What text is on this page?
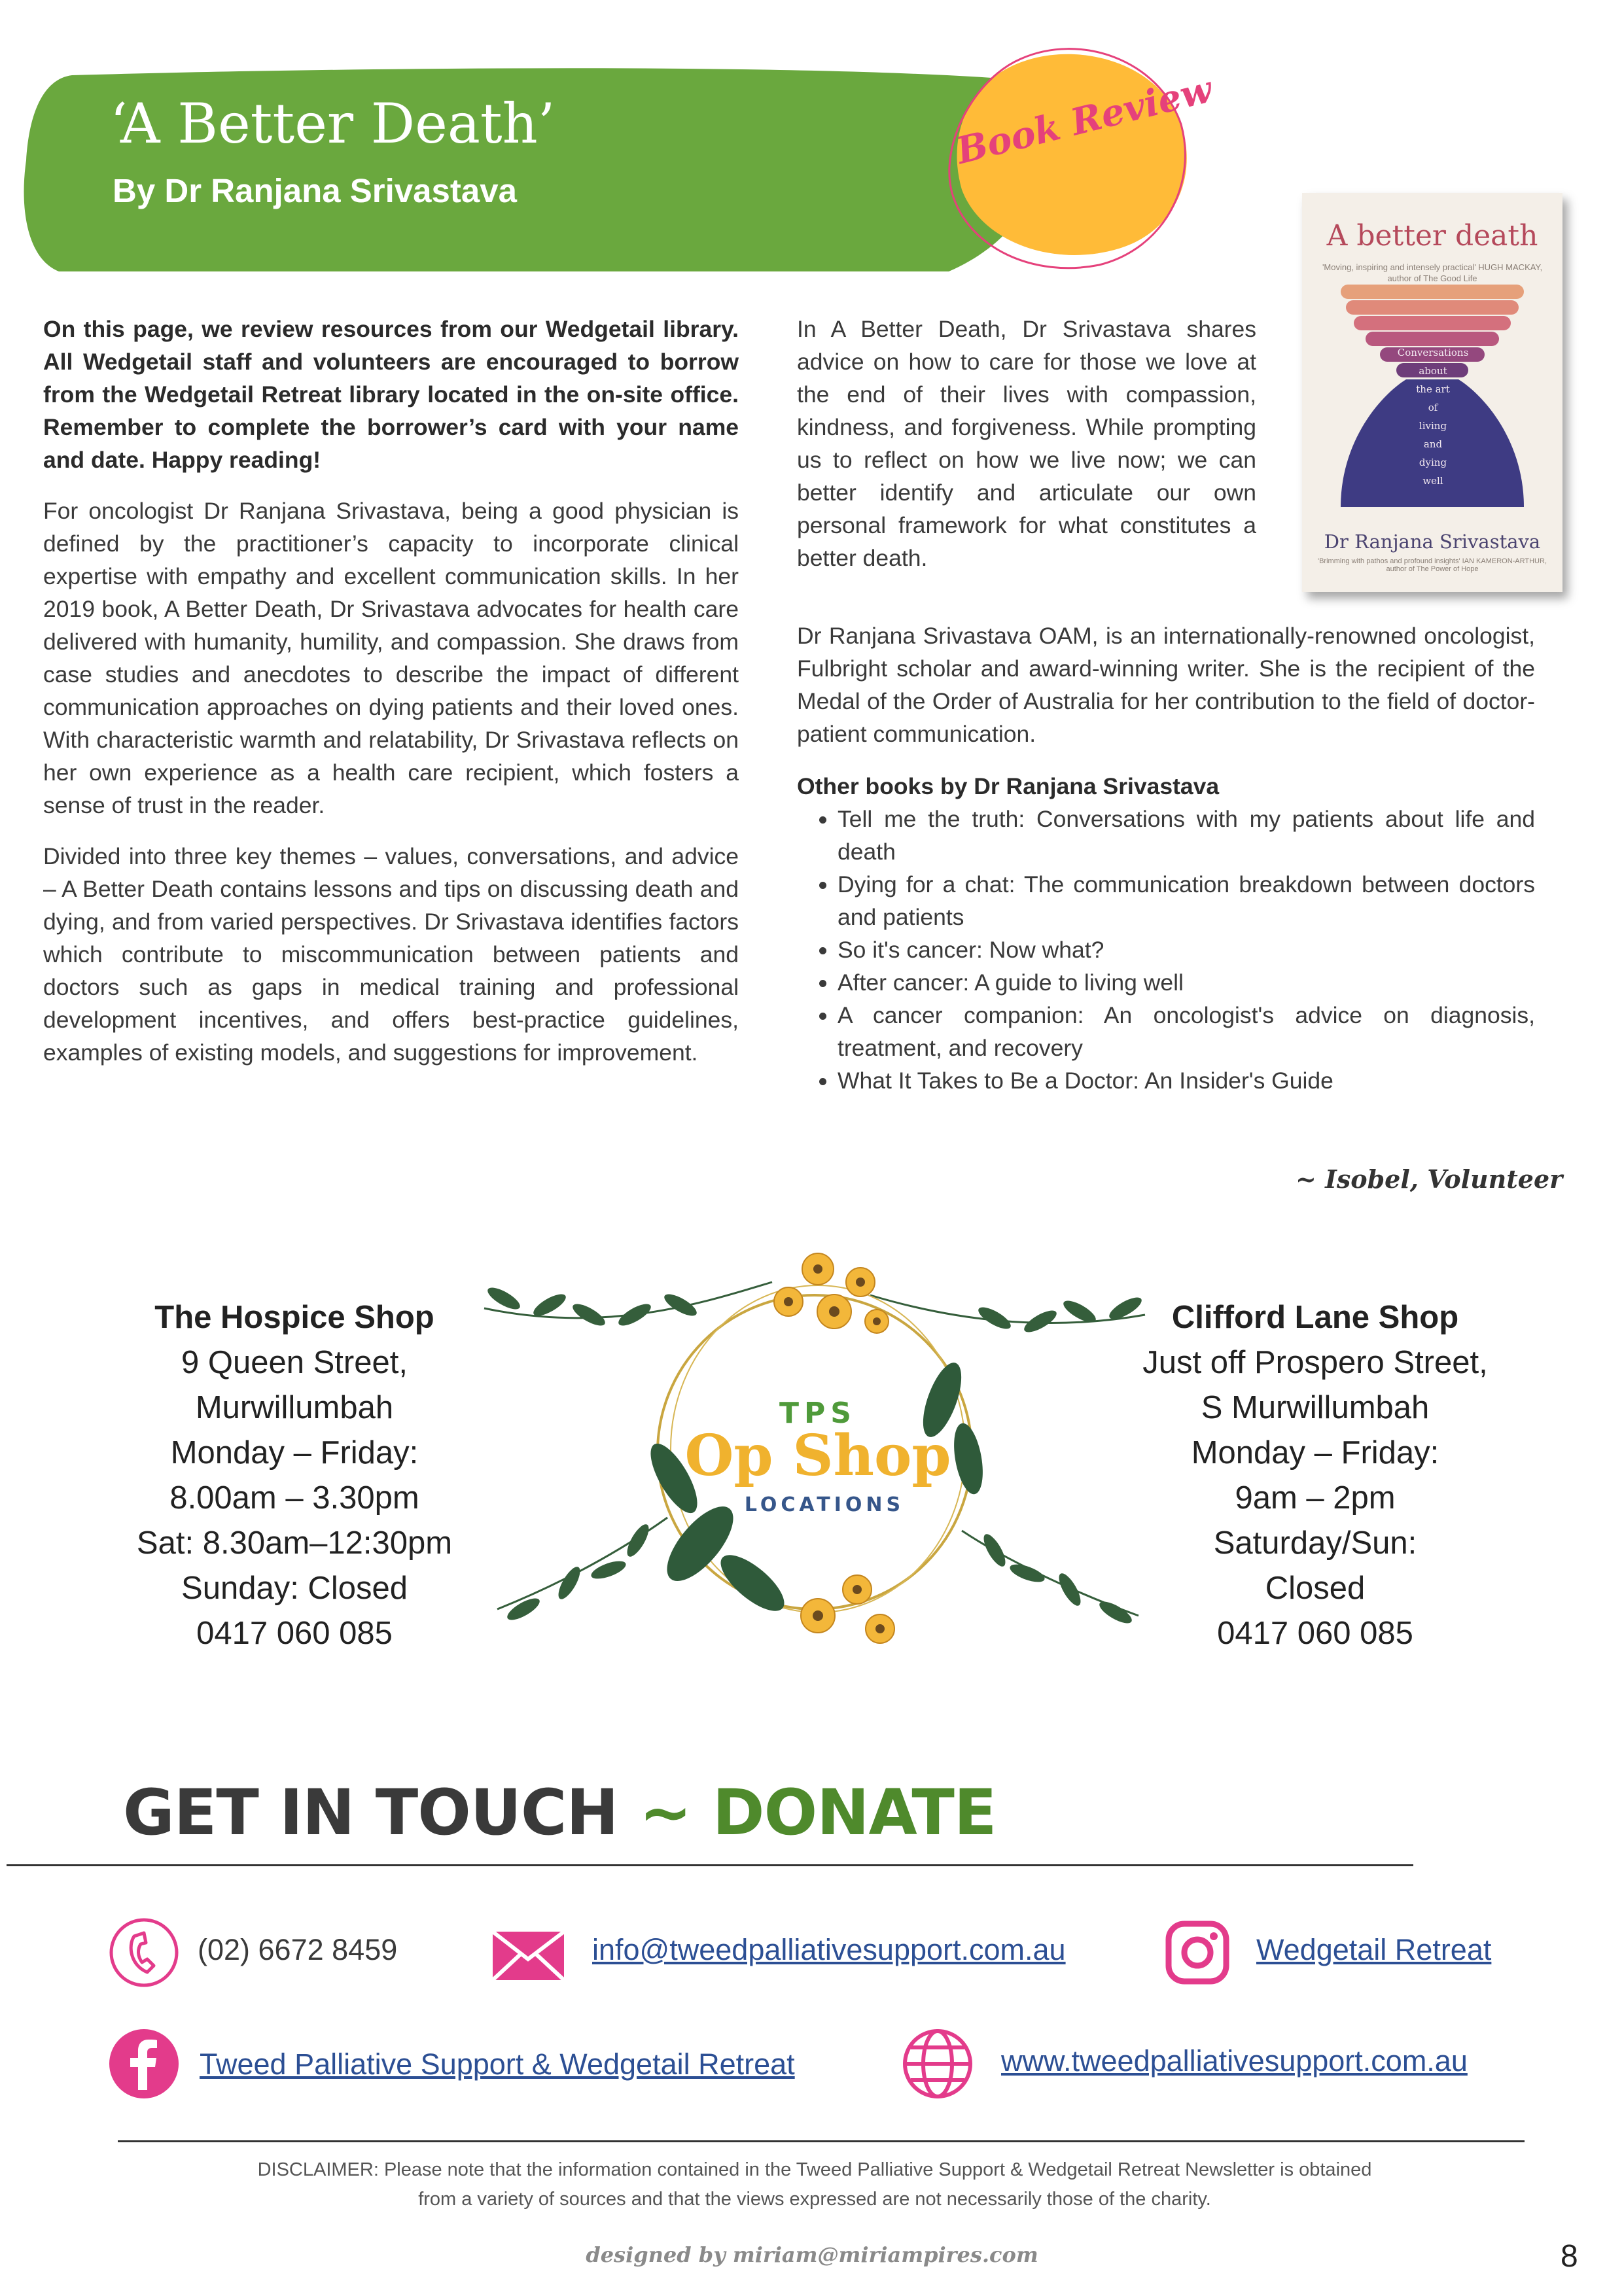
‘A Better Death’
By Dr Ranjana Srivastava
Book Review
A better death
'Moving, inspiring and intensely practical' HUGH MACKAY, author of The Good Life
Conversations
about
the art
of
living
and
dying
well
Dr Ranjana Srivastava
'Brimming with pathos and profound insights' IAN KAMERON-ARTHUR, author of The Power of Hope

On this page, we review resources from our Wedgetail library. All Wedgetail staff and volunteers are encouraged to borrow from the Wedgetail Retreat library located in the on-site office. Remember to complete the borrower’s card with your name and date. Happy reading!

For oncologist Dr Ranjana Srivastava, being a good physician is defined by the practitioner’s capacity to incorporate clinical expertise with empathy and excellent communication skills. In her 2019 book, A Better Death, Dr Srivastava advocates for health care delivered with humanity, humility, and compassion. She draws from case studies and anecdotes to describe the impact of different communication approaches on dying patients and their loved ones. With characteristic warmth and relatability, Dr Srivastava reflects on her own experience as a health care recipient, which fosters a sense of trust in the reader.

Divided into three key themes – values, conversations, and advice – A Better Death contains lessons and tips on discussing death and dying, and from varied perspectives. Dr Srivastava identifies factors which contribute to miscommunication between patients and doctors such as gaps in medical training and professional development incentives, and offers best-practice guidelines, examples of existing models, and suggestions for improvement.

In A Better Death, Dr Srivastava shares advice on how to care for those we love at the end of their lives with compassion, kindness, and forgiveness. While prompting us to reflect on how we live now; we can better identify and articulate our own personal framework for what constitutes a better death.

Dr Ranjana Srivastava OAM, is an internationally-renowned oncologist, Fulbright scholar and award-winning writer. She is the recipient of the Medal of the Order of Australia for her contribution to the field of doctor-patient communication.

Other books by Dr Ranjana Srivastava

• Tell me the truth: Conversations with my patients about life and death
• Dying for a chat: The communication breakdown between doctors and patients
• So it's cancer: Now what?
• After cancer: A guide to living well
• A cancer companion: An oncologist's advice on diagnosis, treatment, and recovery
• What It Takes to Be a Doctor: An Insider's Guide
~ Isobel, Volunteer
The Hospice Shop
9 Queen Street,
Murwillumbah
Monday – Friday:
8.00am – 3.30pm
Sat: 8.30am–12:30pm
Sunday: Closed
0417 060 085
Clifford Lane Shop
Just off Prospero Street,
S Murwillumbah
Monday – Friday:
9am – 2pm
Saturday/Sun:
Closed
0417 060 085
TPS
Op Shop
LOCATIONS
GET IN TOUCH ~ DONATE
(02) 6672 8459	info@tweedpalliativesupport.com.au	Wedgetail Retreat
Tweed Palliative Support & Wedgetail Retreat	www.tweedpalliativesupport.com.au
DISCLAIMER: Please note that the information contained in the Tweed Palliative Support & Wedgetail Retreat Newsletter is obtained
from a variety of sources and that the views expressed are not necessarily those of the charity.
designed by miriam@miriampires.com	8
